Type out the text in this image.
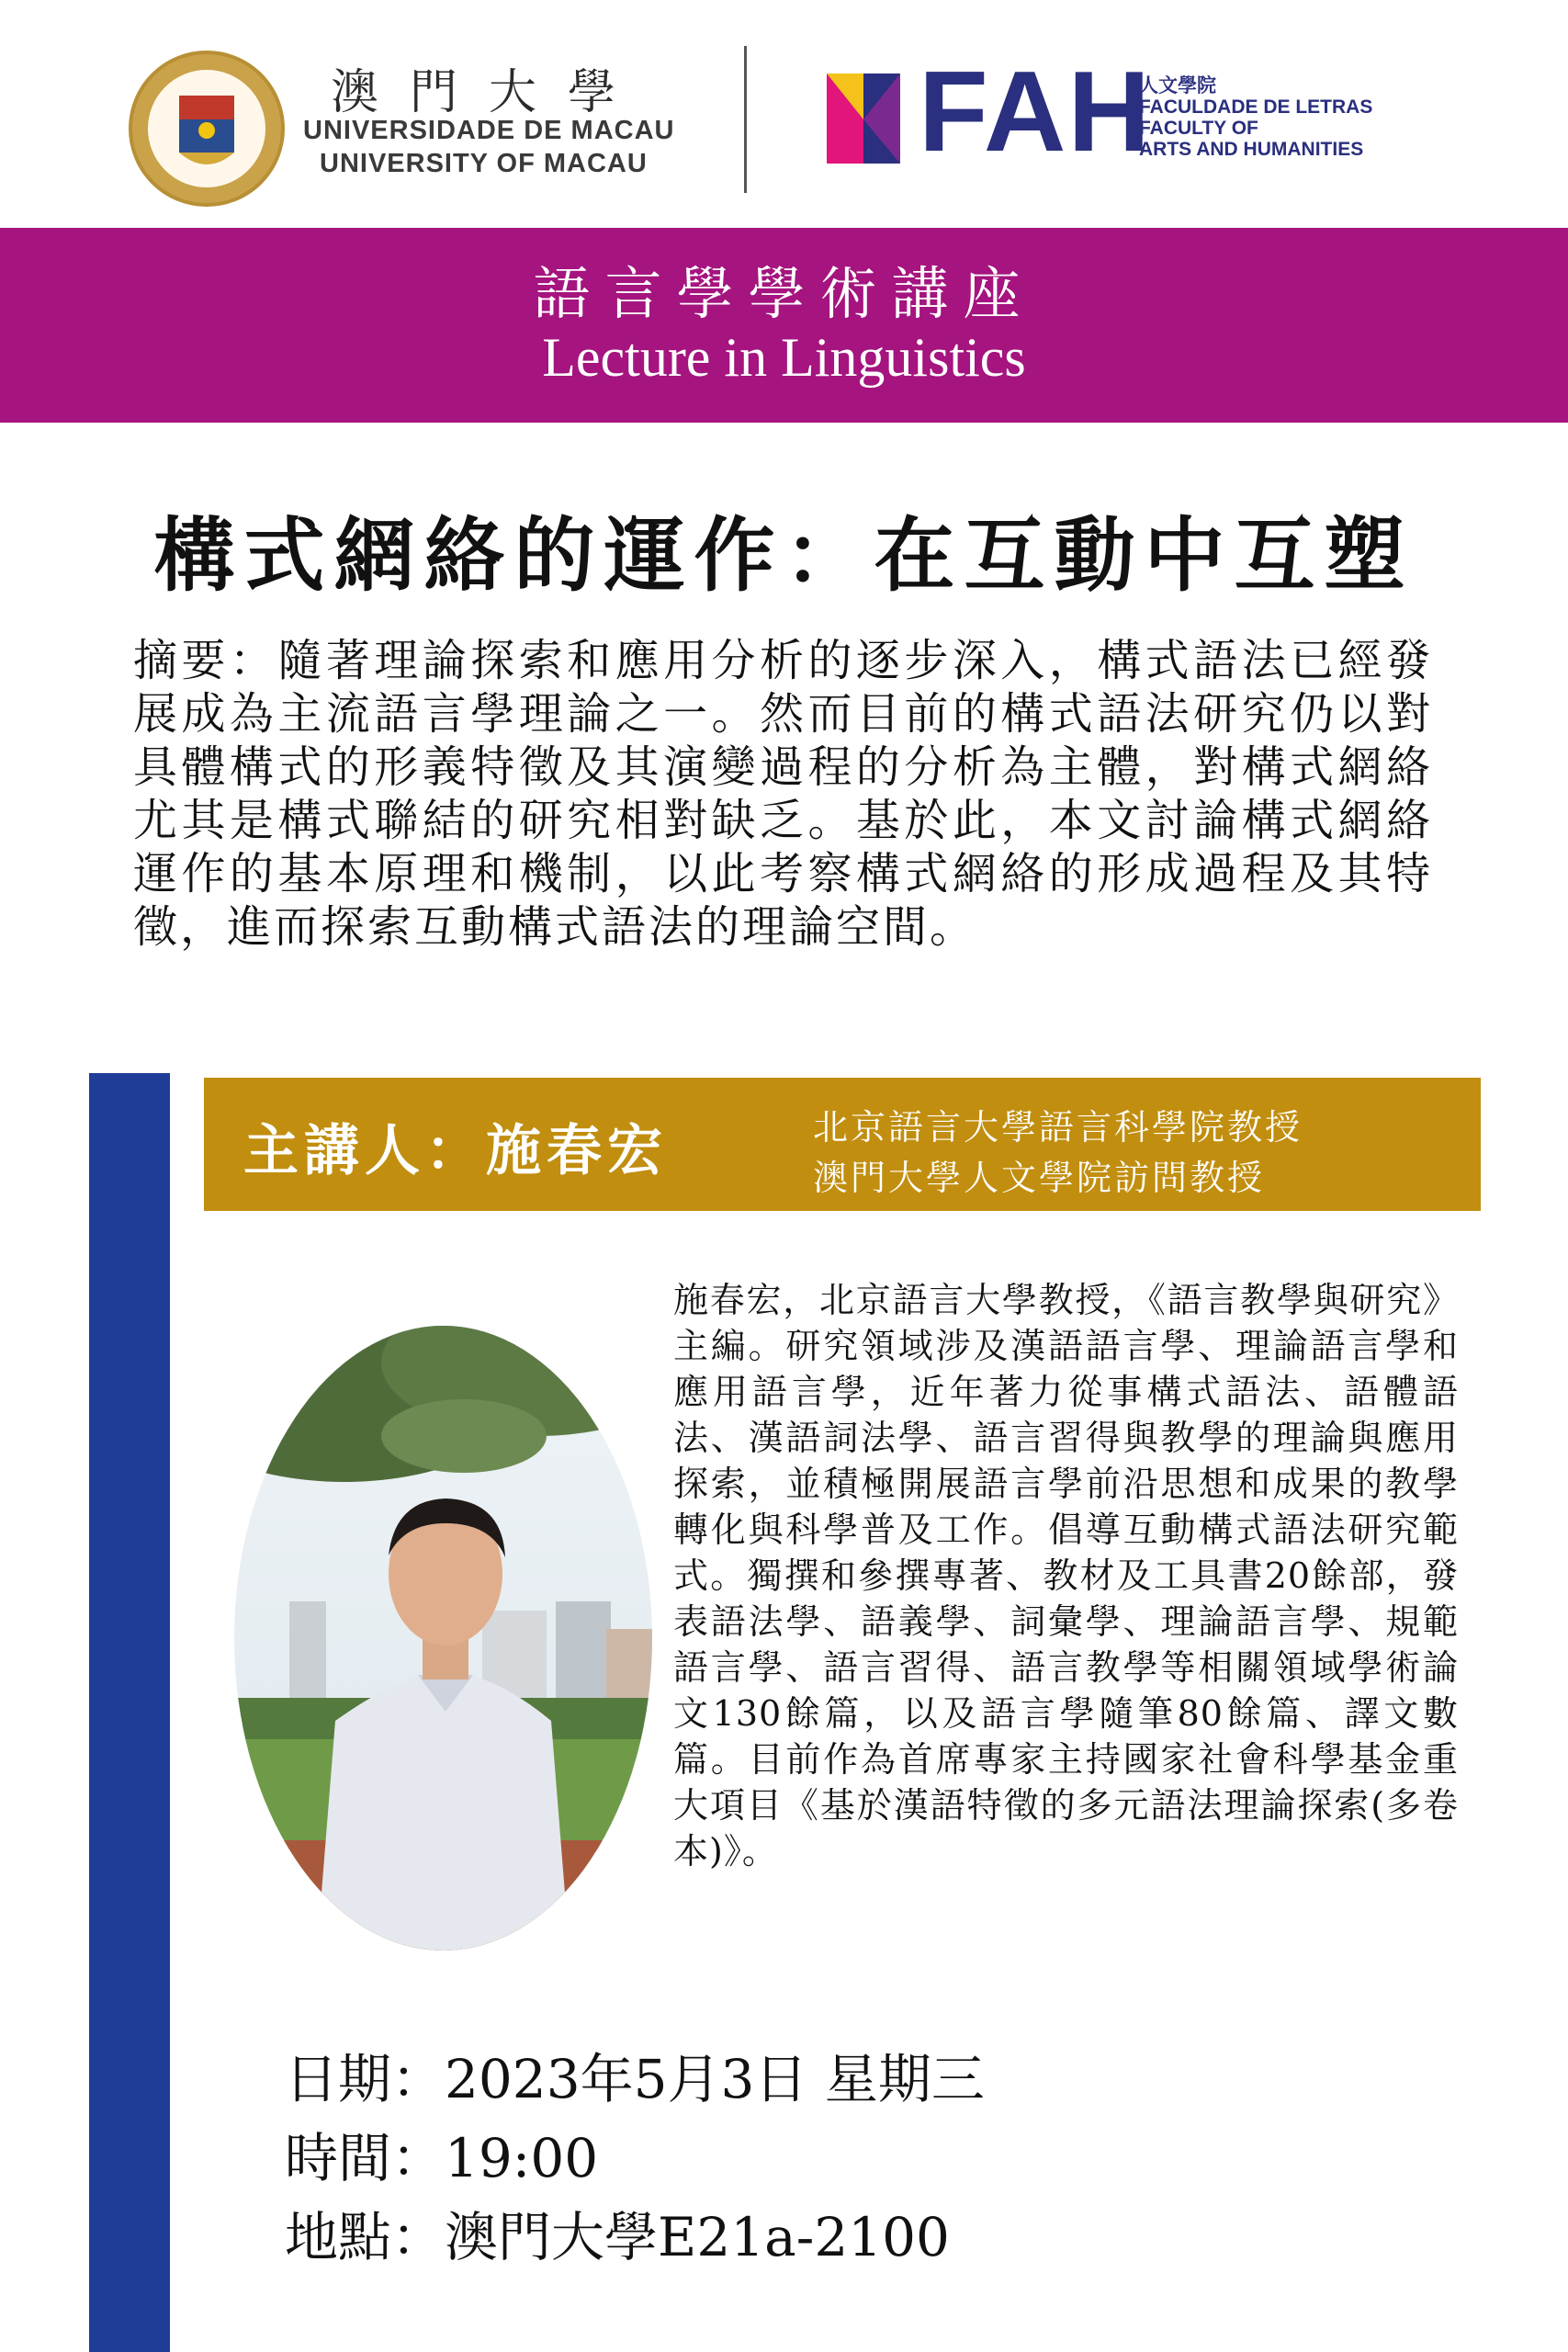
澳門大學
UNIVERSIDADE DE MACAU
UNIVERSITY OF MACAU FAH
人文學院
FACULDADE DE LETRAS
FACULTY OF
ARTS AND HUMANITIES
語言學學術講座
Lecture in Linguistics
構式網絡的運作：在互動中互塑
摘要：隨著理論探索和應用分析的逐步深入，構式語法已經發展成為主流語言學理論之一。然而目前的構式語法研究仍以對具體構式的形義特徵及其演變過程的分析為主體，對構式網絡尤其是構式聯結的研究相對缺乏。基於此，本文討論構式網絡運作的基本原理和機制，以此考察構式網絡的形成過程及其特徵，進而探索互動構式語法的理論空間。
主講人：施春宏	北京語言大學語言科學院教授
澳門大學人文學院訪問教授
施春宏，北京語言大學教授，《語言教學與研究》主編。研究領域涉及漢語語言學、理論語言學和應用語言學，近年著力從事構式語法、語體語法、漢語詞法學、語言習得與教學的理論與應用探索，並積極開展語言學前沿思想和成果的教學轉化與科學普及工作。倡導互動構式語法研究範式。獨撰和參撰專著、教材及工具書20餘部，發表語法學、語義學、詞彙學、理論語言學、規範語言學、語言習得、語言教學等相關領域學術論文130餘篇，以及語言學隨筆80餘篇、譯文數篇。目前作為首席專家主持國家社會科學基金重大項目《基於漢語特徵的多元語法理論探索(多卷本)》。
日期：2023年5月3日 星期三
時間：19:00
地點：澳門大學E21a-2100
